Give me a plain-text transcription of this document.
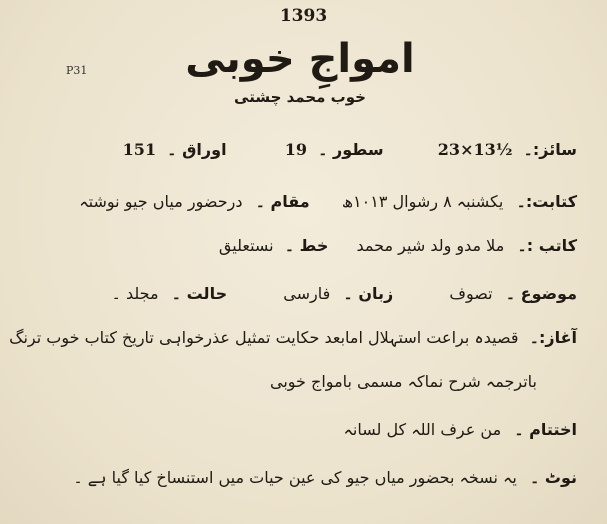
1393
P31 امواجِ خوبی
خوب محمد چشتی
سائز:۔ 23×13½  سطور ۔ 19  اوراق ۔ 151
کتابت:۔ یکشنبہ ۸ رشوال ۱۰۱۳ھ  مقام ۔ درحضور میاں جیو نوشتہ
کاتب :۔ ملا مدو ولد شیر محمد  خط ۔ نستعلیق
موضوع ۔ تصوف  زبان ۔ فارسی  حالت ۔ مجلد ۔
آغاز:۔ قصیدہ براعت استہلال امابعد حکایت تمثیل عذرخواہی تاریخ کتاب خوب ترنگ
باترجمہ شرح نماکہ مسمی بامواج خوبی
اختتام ۔ من عرف اللہ کل لسانہ
نوٹ ۔ یہ نسخہ بحضور میاں جیو کی عین حیات میں استنساخ کیا گیا ہے ۔
